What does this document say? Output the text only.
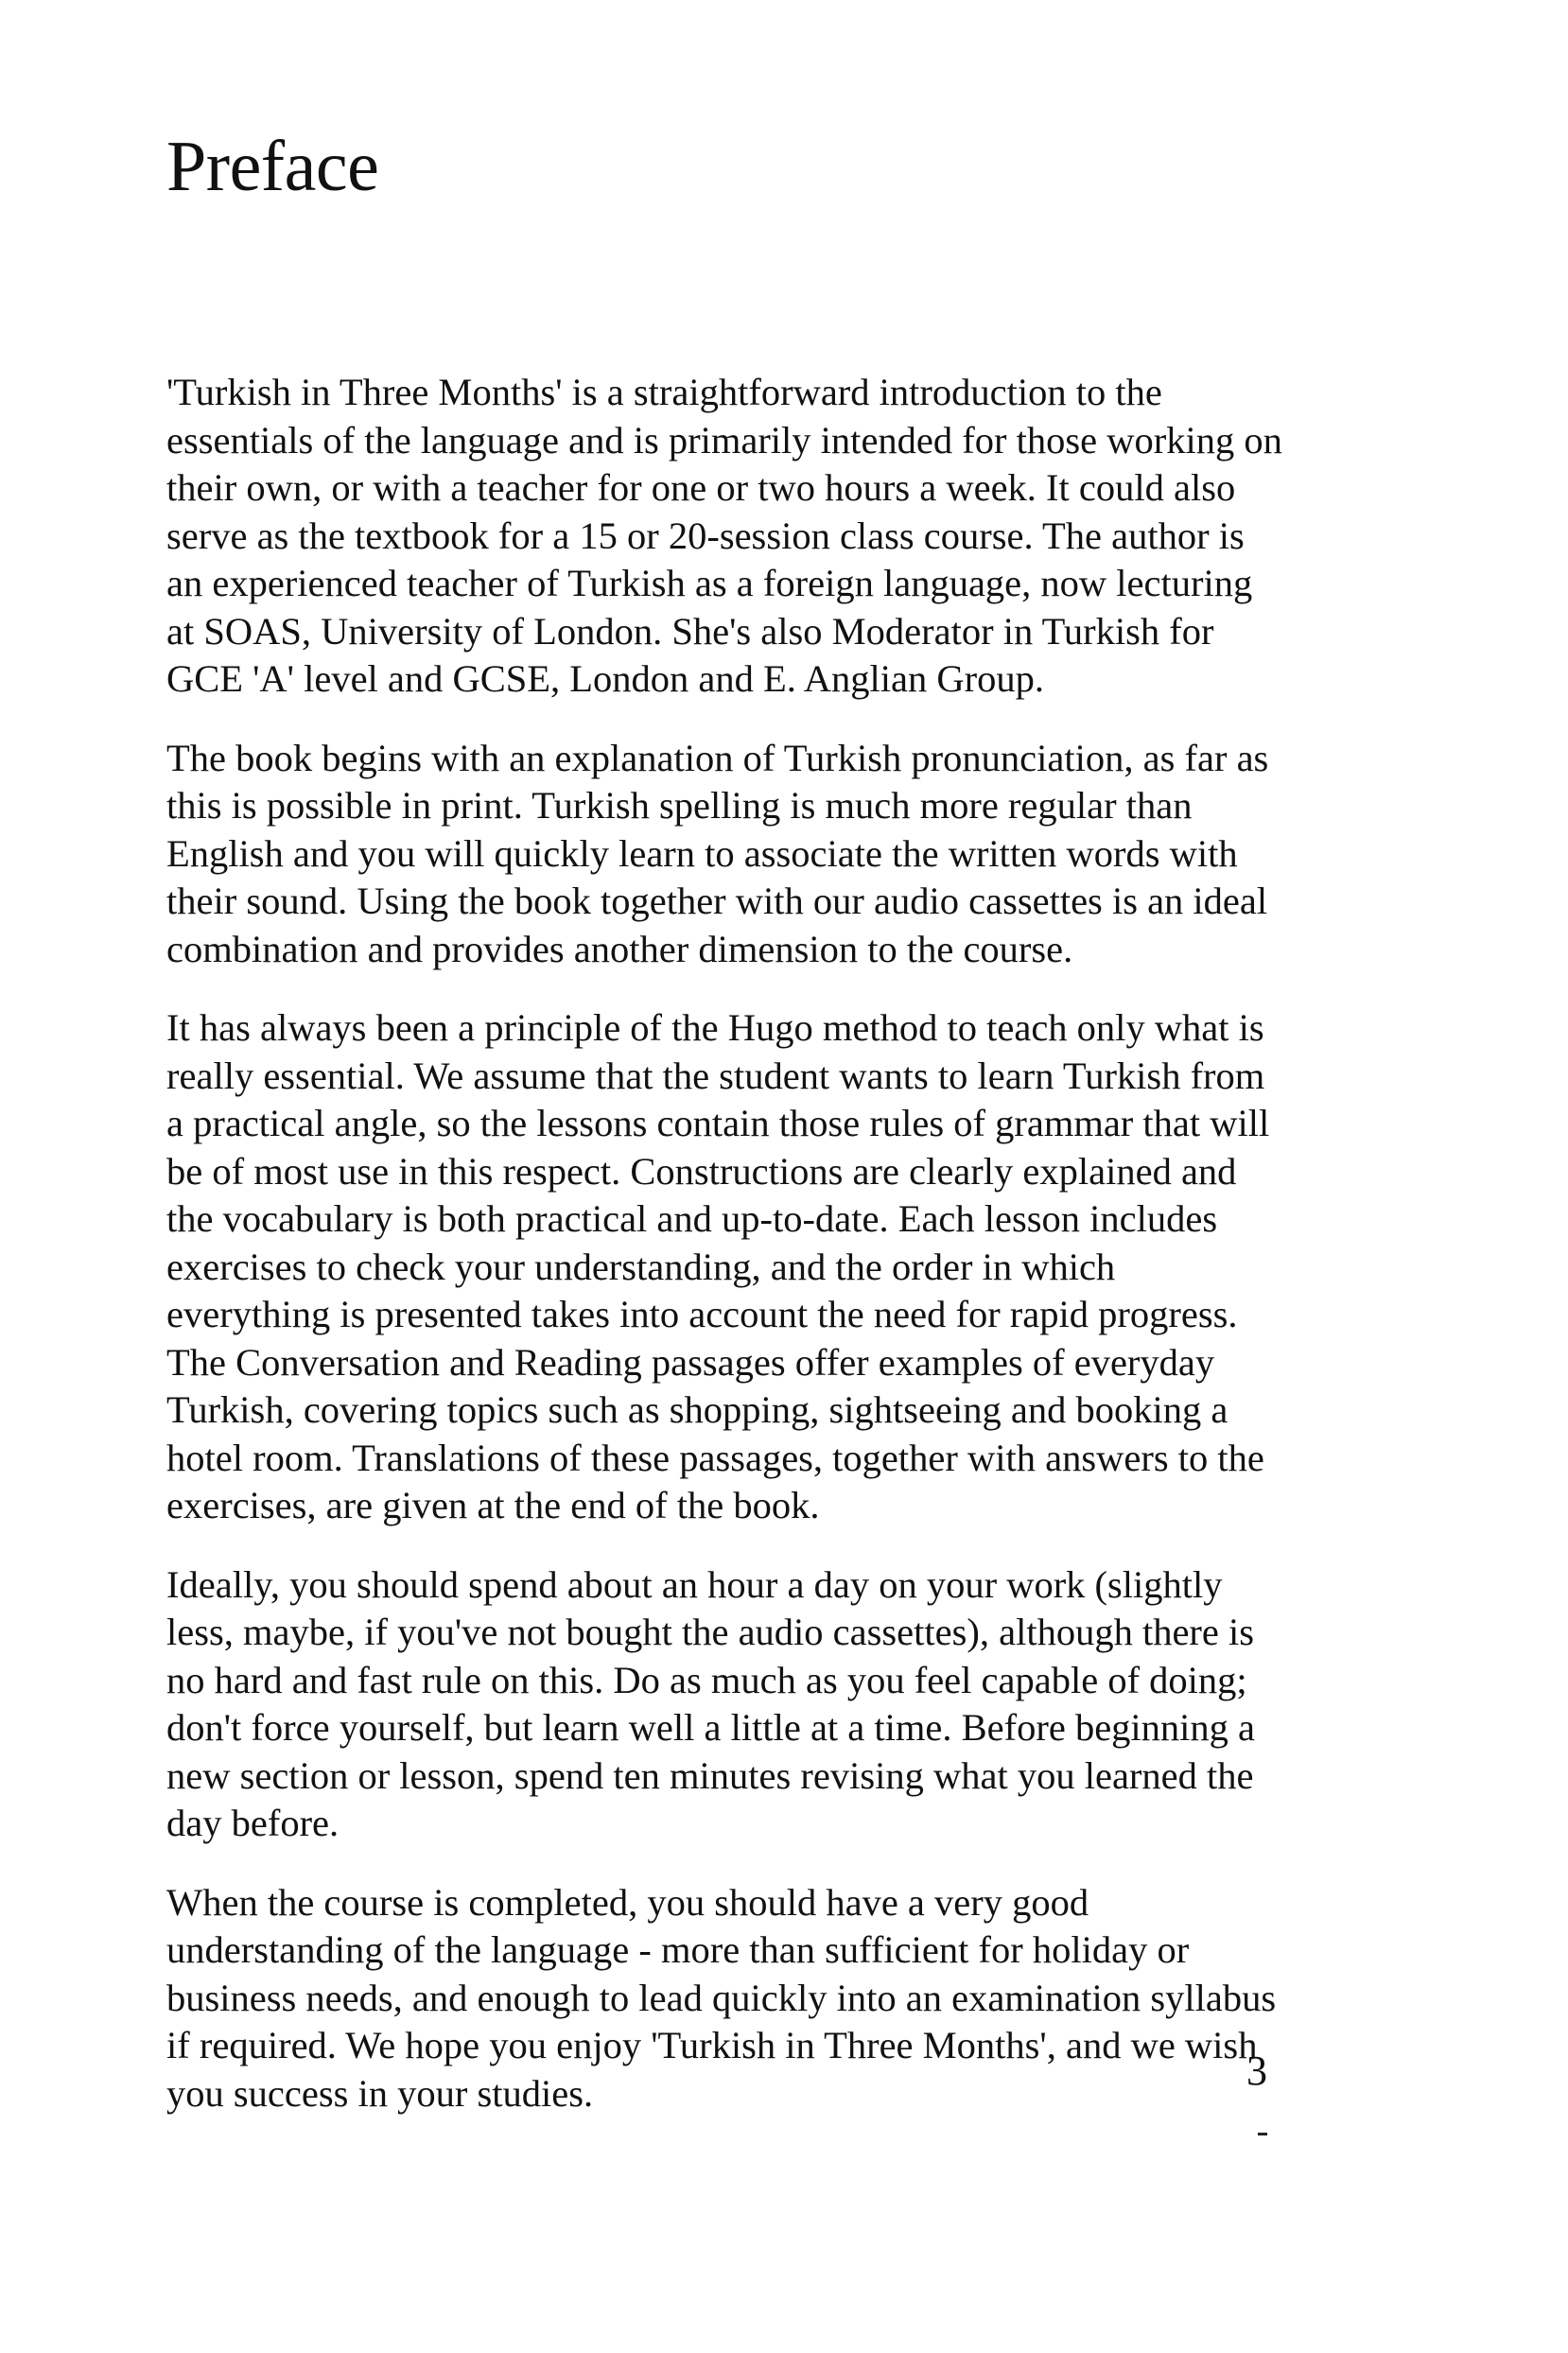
Preface

'Turkish in Three Months' is a straightforward introduction to the essentials of the language and is primarily intended for those working on their own, or with a teacher for one or two hours a week. It could also serve as the textbook for a 15 or 20-session class course. The author is an experienced teacher of Turkish as a foreign language, now lecturing at SOAS, University of London. She's also Moderator in Turkish for GCE 'A' level and GCSE, London and E. Anglian Group.

The book begins with an explanation of Turkish pronunciation, as far as this is possible in print. Turkish spelling is much more regular than English and you will quickly learn to associate the written words with their sound. Using the book together with our audio cassettes is an ideal combination and provides another dimension to the course.

It has always been a principle of the Hugo method to teach only what is really essential. We assume that the student wants to learn Turkish from a practical angle, so the lessons contain those rules of grammar that will be of most use in this respect. Constructions are clearly explained and the vocabulary is both practical and up-to-date. Each lesson includes exercises to check your understanding, and the order in which everything is presented takes into account the need for rapid progress. The Conversation and Reading passages offer examples of everyday Turkish, covering topics such as shopping, sightseeing and booking a hotel room. Translations of these passages, together with answers to the exercises, are given at the end of the book.

Ideally, you should spend about an hour a day on your work (slightly less, maybe, if you've not bought the audio cassettes), although there is no hard and fast rule on this. Do as much as you feel capable of doing; don't force yourself, but learn well a little at a time. Before beginning a new section or lesson, spend ten minutes revising what you learned the day before.

When the course is completed, you should have a very good understanding of the language - more than sufficient for holiday or business needs, and enough to lead quickly into an examination syllabus if required. We hope you enjoy 'Turkish in Three Months', and we wish you success in your studies.	3
